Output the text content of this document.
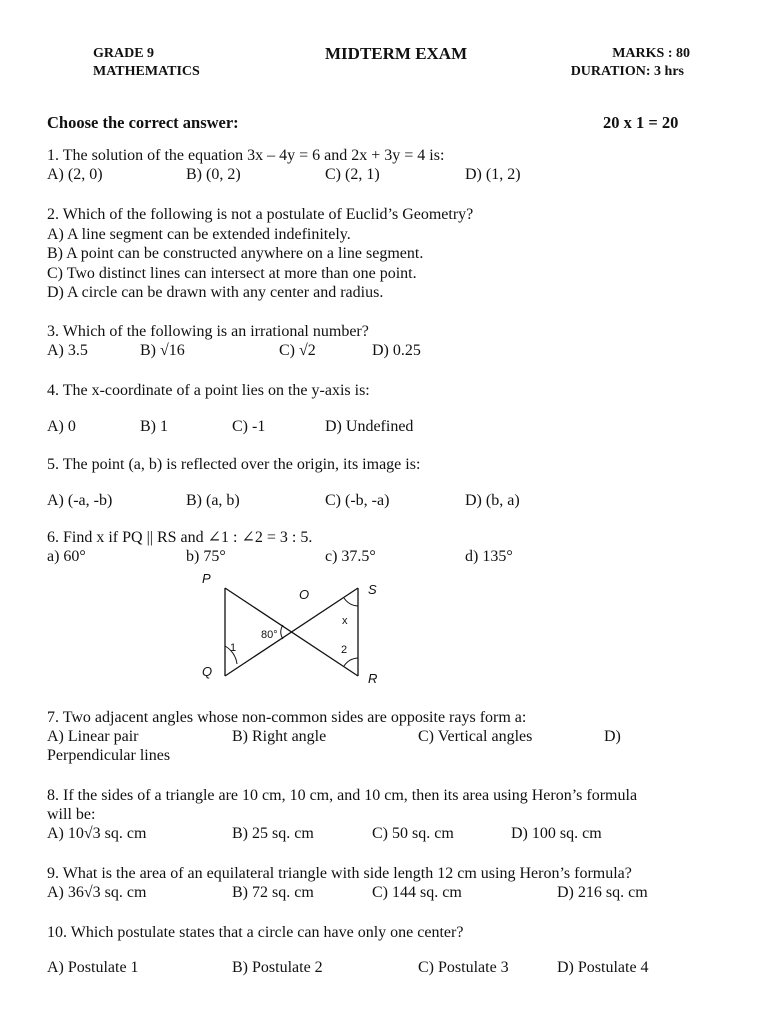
GRADE 9
MATHEMATICS
MIDTERM EXAM	MARKS : 80
DURATION: 3 hrs
Choose the correct answer:	20 x 1 = 20
1. The solution of the equation 3x – 4y = 6 and 2x + 3y = 4 is:
A) (2, 0)	B) (0, 2)	C) (2, 1)	D) (1, 2)
2. Which of the following is not a postulate of Euclid’s Geometry?
A) A line segment can be extended indefinitely.
B) A point can be constructed anywhere on a line segment.
C) Two distinct lines can intersect at more than one point.
D) A circle can be drawn with any center and radius.
3. Which of the following is an irrational number?
A) 3.5	B) √16	C) √2	D) 0.25
4. The x-coordinate of a point lies on the y-axis is:
A) 0	B) 1	C) -1	D) Undefined
5. The point (a, b) is reflected over the origin, its image is:
A) (-a, -b)	B) (a, b)	C) (-b, -a)	D) (b, a)
6. Find x if PQ || RS and ∠1 : ∠2 = 3 : 5.
a) 60°	b) 75°	c) 37.5°	d) 135°
P
O	S
Q	R
1	2
x
80°
7. Two adjacent angles whose non-common sides are opposite rays form a:
A) Linear pair	B) Right angle	C) Vertical angles	D)
Perpendicular lines
8. If the sides of a triangle are 10 cm, 10 cm, and 10 cm, then its area using Heron’s formula
will be:
A) 10√3 sq. cm	B) 25 sq. cm	C) 50 sq. cm	D) 100 sq. cm
9. What is the area of an equilateral triangle with side length 12 cm using Heron’s formula?
A) 36√3 sq. cm	B) 72 sq. cm	C) 144 sq. cm	D) 216 sq. cm
10. Which postulate states that a circle can have only one center?
A) Postulate 1	B) Postulate 2	C) Postulate 3	D) Postulate 4
